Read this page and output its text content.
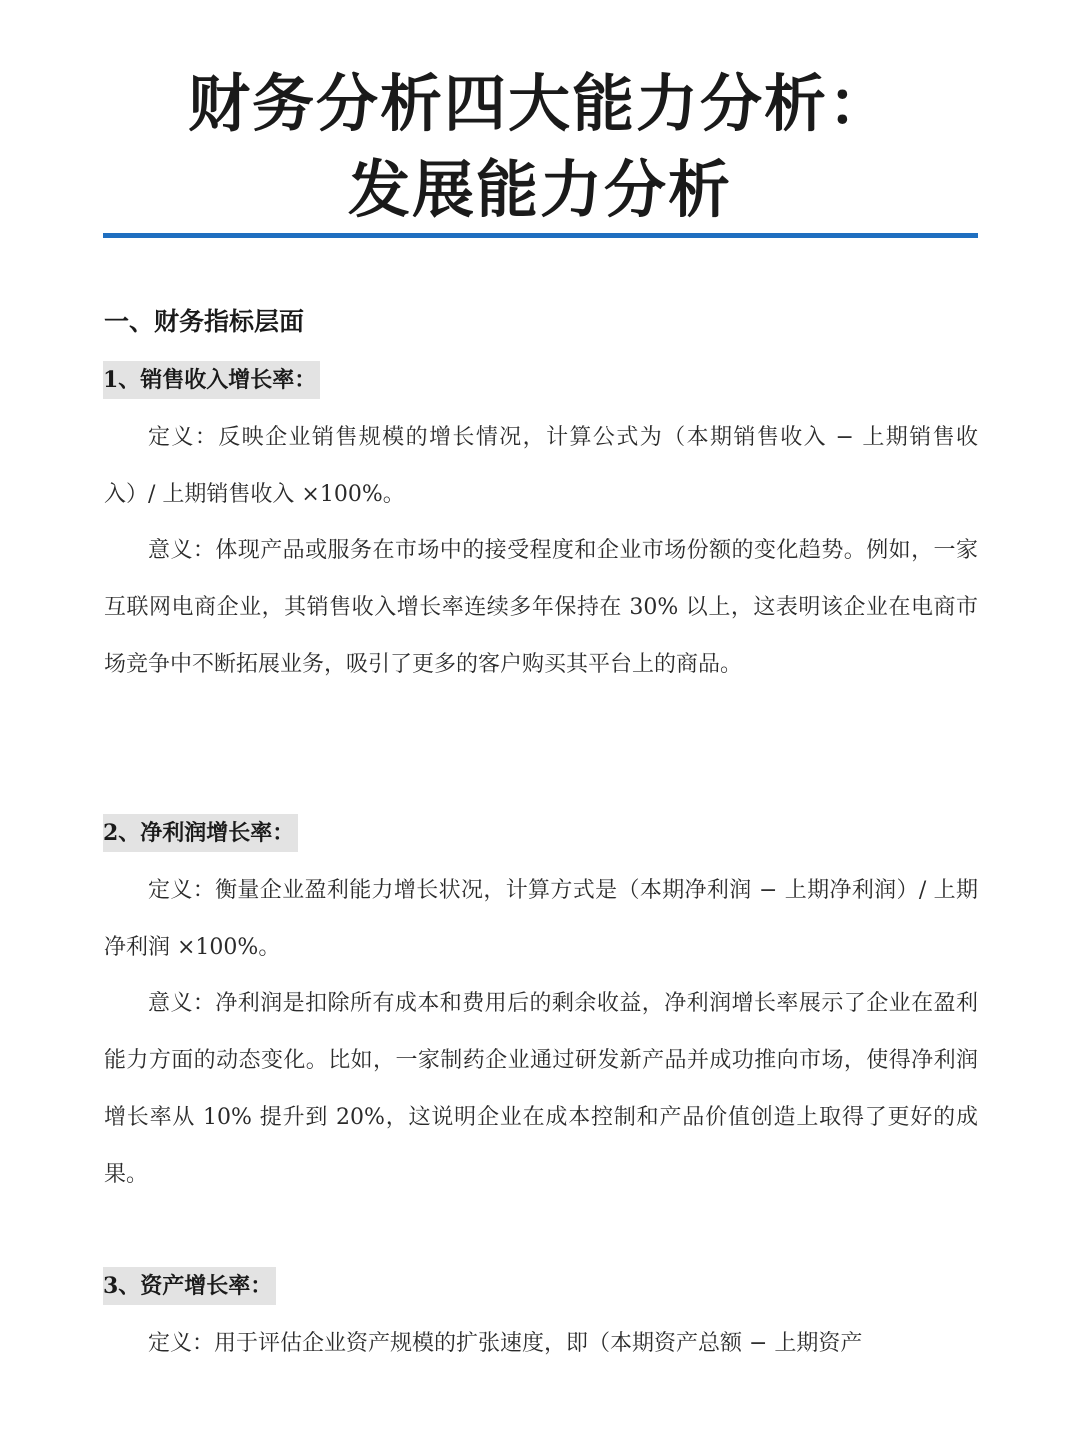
财务分析四大能力分析：
发展能力分析
一、财务指标层面
1、销售收入增长率：
定义：反映企业销售规模的增长情况，计算公式为（本期销售收入 − 上期销售收入）/ 上期销售收入 ×100%。
意义：体现产品或服务在市场中的接受程度和企业市场份额的变化趋势。例如，一家互联网电商企业，其销售收入增长率连续多年保持在 30% 以上，这表明该企业在电商市场竞争中不断拓展业务，吸引了更多的客户购买其平台上的商品。
2、净利润增长率：
定义：衡量企业盈利能力增长状况，计算方式是（本期净利润 − 上期净利润）/ 上期净利润 ×100%。
意义：净利润是扣除所有成本和费用后的剩余收益，净利润增长率展示了企业在盈利能力方面的动态变化。比如，一家制药企业通过研发新产品并成功推向市场，使得净利润增长率从 10% 提升到 20%，这说明企业在成本控制和产品价值创造上取得了更好的成果。
3、资产增长率：
定义：用于评估企业资产规模的扩张速度，即（本期资产总额 − 上期资产
